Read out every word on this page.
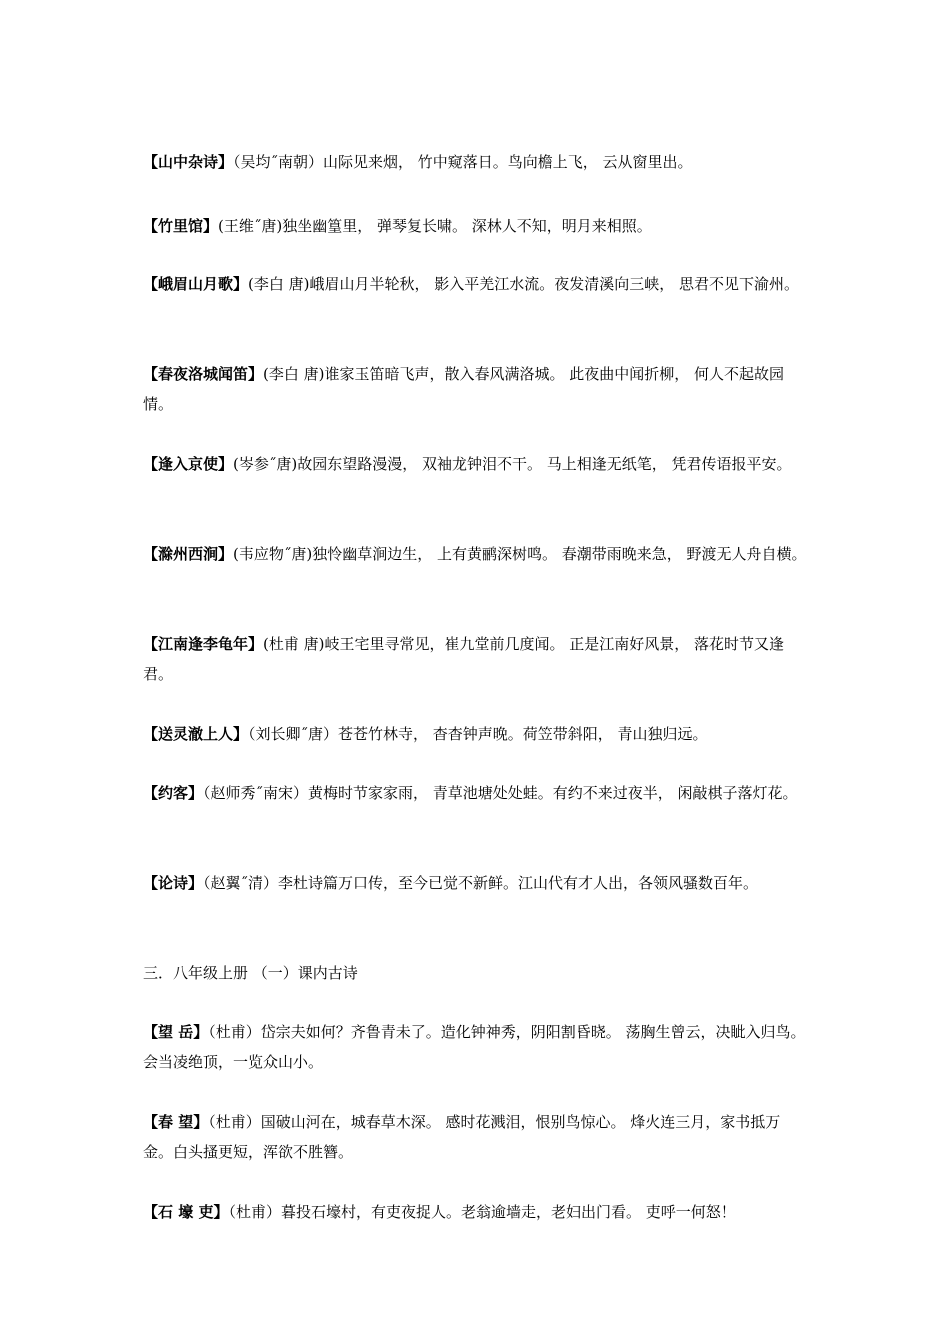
【山中杂诗】（吴均˝南朝）山际见来烟， 竹中窥落日。鸟向檐上飞， 云从窗里出。

【竹里馆】(王维˝唐)独坐幽篁里， 弹琴复长啸。 深林人不知，明月来相照。

【峨眉山月歌】(李白 唐)峨眉山月半轮秋， 影入平羌江水流。夜发清溪向三峡， 思君不见下渝州。

【春夜洛城闻笛】(李白 唐)谁家玉笛暗飞声，散入春风满洛城。 此夜曲中闻折柳， 何人不起故园情。

【逢入京使】(岑参˝唐)故园东望路漫漫， 双袖龙钟泪不干。 马上相逢无纸笔， 凭君传语报平安。

【滁州西涧】(韦应物˝唐)独怜幽草涧边生， 上有黄鹂深树鸣。 春潮带雨晚来急， 野渡无人舟自横。

【江南逢李龟年】(杜甫 唐)岐王宅里寻常见，崔九堂前几度闻。 正是江南好风景， 落花时节又逢君。

【送灵澈上人】（刘长卿˝唐）苍苍竹林寺， 杳杳钟声晚。荷笠带斜阳， 青山独归远。

【约客】（赵师秀˝南宋）黄梅时节家家雨， 青草池塘处处蛙。有约不来过夜半， 闲敲棋子落灯花。

【论诗】（赵翼˝清）李杜诗篇万口传，至今已觉不新鲜。江山代有才人出，各领风骚数百年。

三．八年级上册 （一）课内古诗

【望 岳】（杜甫）岱宗夫如何？齐鲁青未了。造化钟神秀，阴阳割昏晓。 荡胸生曾云，决眦入归鸟。 会当凌绝顶，一览众山小。

【春 望】（杜甫）国破山河在，城春草木深。 感时花溅泪，恨别鸟惊心。 烽火连三月，家书抵万金。白头搔更短，浑欲不胜簪。

【石 壕 吏】（杜甫）暮投石壕村，有吏夜捉人。老翁逾墙走，老妇出门看。 吏呼一何怒！
